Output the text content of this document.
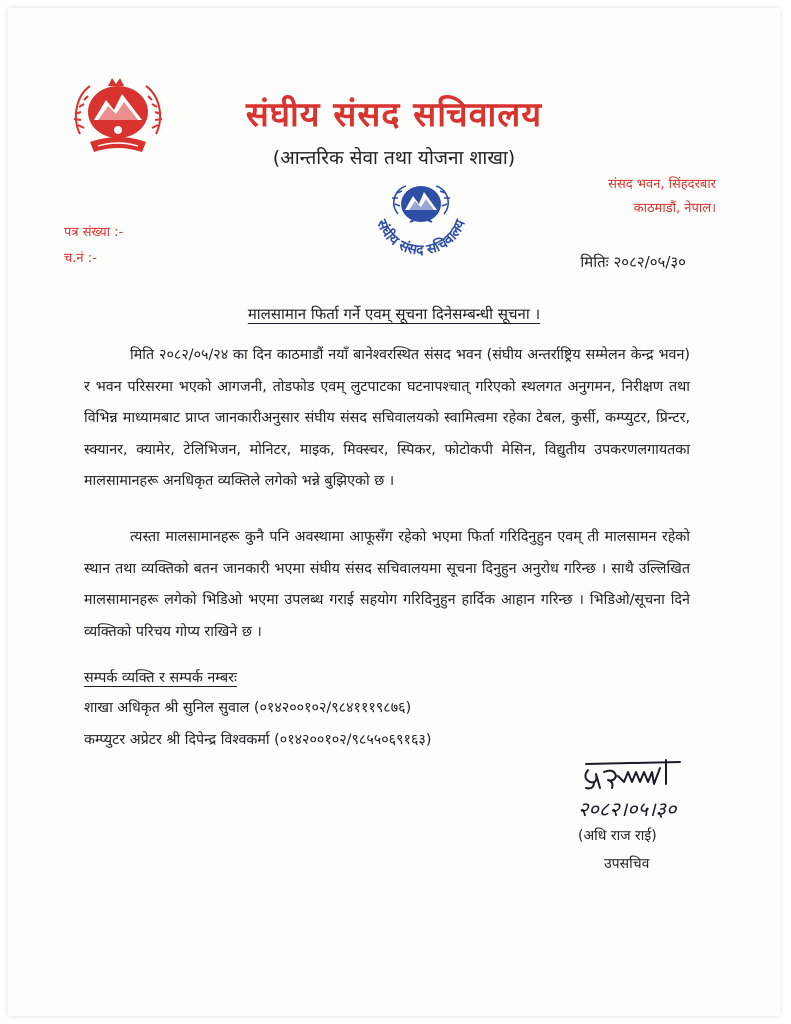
संघीय संसद सचिवालय
(आन्तरिक सेवा तथा योजना शाखा)
संसद भवन, सिंहदरबार
काठमाडौं, नेपाल।
संघीय संसद सचिवालय
पत्र संख्या :-
च.नं :-	मितिः २०८२/०५/३०
मालसामान फिर्ता गर्ने एवम् सूचना दिनेसम्बन्धी सूचना ।

मिति २०८२/०५/२४ का दिन काठमाडौं नयाँ बानेश्वरस्थित संसद भवन (संघीय अन्तर्राष्ट्रिय सम्मेलन केन्द्र भवन) र भवन परिसरमा भएको आगजनी, तोडफोड एवम् लुटपाटका घटनापश्चात् गरिएको स्थलगत अनुगमन, निरीक्षण तथा विभिन्न माध्यामबाट प्राप्त जानकारीअनुसार संघीय संसद सचिवालयको स्वामित्वमा रहेका टेबल, कुर्सी, कम्प्युटर, प्रिन्टर, स्क्यानर, क्यामेर, टेलिभिजन, मोनिटर, माइक, मिक्स्चर, स्पिकर, फोटोकपी मेसिन, विद्युतीय उपकरणलगायतका मालसामानहरू अनधिकृत व्यक्तिले लगेको भन्ने बुझिएको छ ।

त्यस्ता मालसामानहरू कुनै पनि अवस्थामा आफूसँग रहेको भएमा फिर्ता गरिदिनुहुन एवम् ती मालसामन रहेको स्थान तथा व्यक्तिको बतन जानकारी भएमा संघीय संसद सचिवालयमा सूचना दिनुहुन अनुरोध गरिन्छ । साथै उल्लिखित मालसामानहरू लगेको भिडिओ भएमा उपलब्ध गराई सहयोग गरिदिनुहुन हार्दिक आहान गरिन्छ । भिडिओ/सूचना दिने व्यक्तिको परिचय गोप्य राखिने छ ।

सम्पर्क व्यक्ति र सम्पर्क नम्बरः
शाखा अधिकृत श्री सुनिल सुवाल (०१४२००१०२/९८४१११९८७६)
कम्प्युटर अप्रेटर श्री दिपेन्द्र विश्वकर्मा (०१४२००१०२/९८५५०६९१६३)
२०८२।०५।३०
(अधि राज राई)
उपसचिव
